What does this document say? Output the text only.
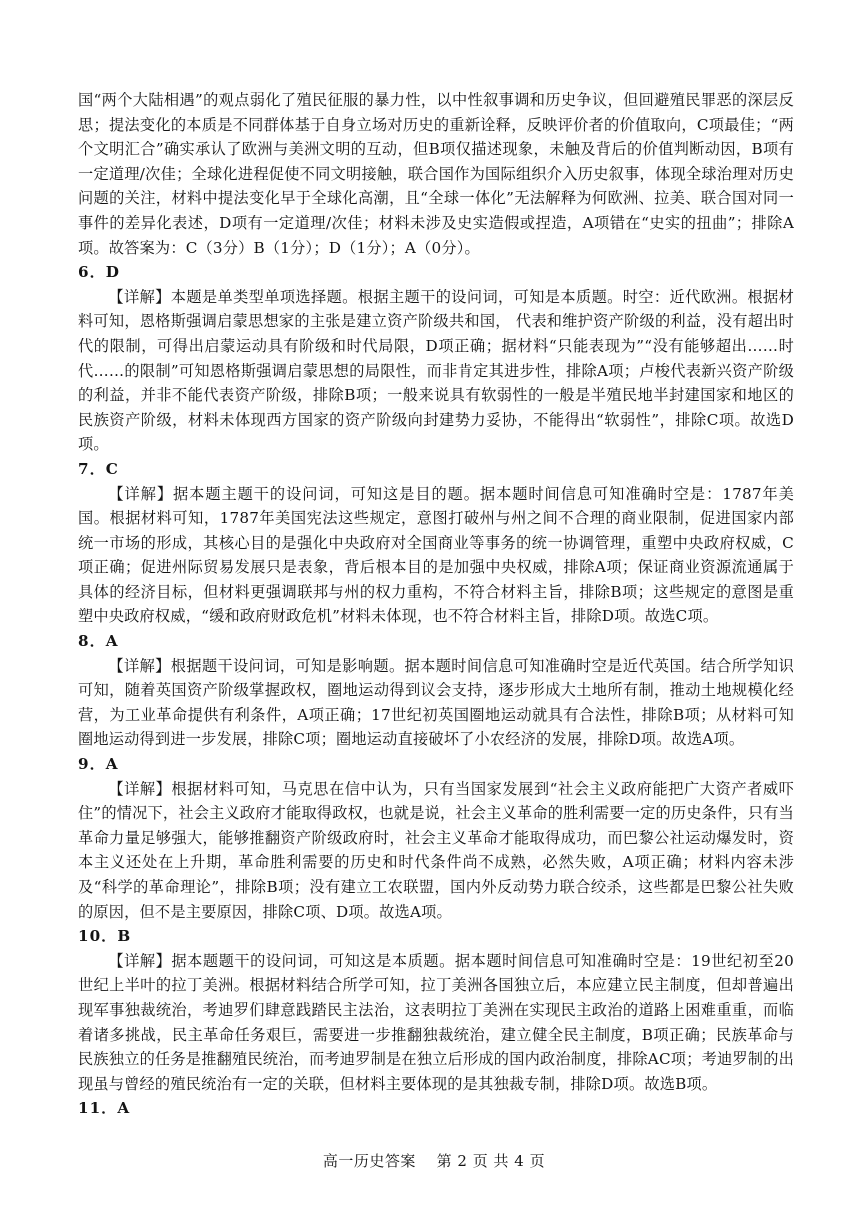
国“两个大陆相遇”的观点弱化了殖民征服的暴力性，以中性叙事调和历史争议，但回避殖民罪恶的深层反思；提法变化的本质是不同群体基于自身立场对历史的重新诠释，反映评价者的价值取向，C项最佳；“两个文明汇合”确实承认了欧洲与美洲文明的互动，但B项仅描述现象，未触及背后的价值判断动因，B项有一定道理/次佳；全球化进程促使不同文明接触，联合国作为国际组织介入历史叙事，体现全球治理对历史问题的关注，材料中提法变化早于全球化高潮，且“全球一体化”无法解释为何欧洲、拉美、联合国对同一事件的差异化表述，D项有一定道理/次佳；材料未涉及史实造假或捏造，A项错在“史实的扭曲”；排除A项。故答案为：C（3分）B（1分）；D（1分）；A（0分）。

6．D

【详解】本题是单类型单项选择题。根据主题干的设问词，可知是本质题。时空：近代欧洲。根据材料可知，恩格斯强调启蒙思想家的主张是建立资产阶级共和国， 代表和维护资产阶级的利益，没有超出时代的限制，可得出启蒙运动具有阶级和时代局限，D项正确；据材料“只能表现为”“没有能够超出……时代……的限制”可知恩格斯强调启蒙思想的局限性，而非肯定其进步性，排除A项；卢梭代表新兴资产阶级的利益，并非不能代表资产阶级，排除B项；一般来说具有软弱性的一般是半殖民地半封建国家和地区的民族资产阶级，材料未体现西方国家的资产阶级向封建势力妥协，不能得出“软弱性”，排除C项。故选D项。

7．C

【详解】据本题主题干的设问词，可知这是目的题。据本题时间信息可知准确时空是：1787年美国。根据材料可知，1787年美国宪法这些规定，意图打破州与州之间不合理的商业限制，促进国家内部统一市场的形成，其核心目的是强化中央政府对全国商业等事务的统一协调管理，重塑中央政府权威，C项正确；促进州际贸易发展只是表象，背后根本目的是加强中央权威，排除A项；保证商业资源流通属于具体的经济目标，但材料更强调联邦与州的权力重构，不符合材料主旨，排除B项；这些规定的意图是重塑中央政府权威，“缓和政府财政危机”材料未体现，也不符合材料主旨，排除D项。故选C项。

8．A

【详解】根据题干设问词，可知是影响题。据本题时间信息可知准确时空是近代英国。结合所学知识可知，随着英国资产阶级掌握政权，圈地运动得到议会支持，逐步形成大土地所有制，推动土地规模化经营，为工业革命提供有利条件，A项正确；17世纪初英国圈地运动就具有合法性，排除B项；从材料可知圈地运动得到进一步发展，排除C项；圈地运动直接破坏了小农经济的发展，排除D项。故选A项。

9．A

【详解】根据材料可知，马克思在信中认为，只有当国家发展到“社会主义政府能把广大资产者威吓住”的情况下，社会主义政府才能取得政权，也就是说，社会主义革命的胜利需要一定的历史条件，只有当革命力量足够强大，能够推翻资产阶级政府时，社会主义革命才能取得成功，而巴黎公社运动爆发时，资本主义还处在上升期，革命胜利需要的历史和时代条件尚不成熟，必然失败，A项正确；材料内容未涉及“科学的革命理论”，排除B项；没有建立工农联盟，国内外反动势力联合绞杀，这些都是巴黎公社失败的原因，但不是主要原因，排除C项、D项。故选A项。

10．B

【详解】据本题题干的设问词，可知这是本质题。据本题时间信息可知准确时空是：19世纪初至20世纪上半叶的拉丁美洲。根据材料结合所学可知，拉丁美洲各国独立后，本应建立民主制度，但却普遍出现军事独裁统治，考迪罗们肆意践踏民主法治，这表明拉丁美洲在实现民主政治的道路上困难重重，而临着诸多挑战，民主革命任务艰巨，需要进一步推翻独裁统治，建立健全民主制度，B项正确；民族革命与民族独立的任务是推翻殖民统治，而考迪罗制是在独立后形成的国内政治制度，排除AC项；考迪罗制的出现虽与曾经的殖民统治有一定的关联，但材料主要体现的是其独裁专制，排除D项。故选B项。

11．A

高一历史答案　 第 2 页 共 4 页
